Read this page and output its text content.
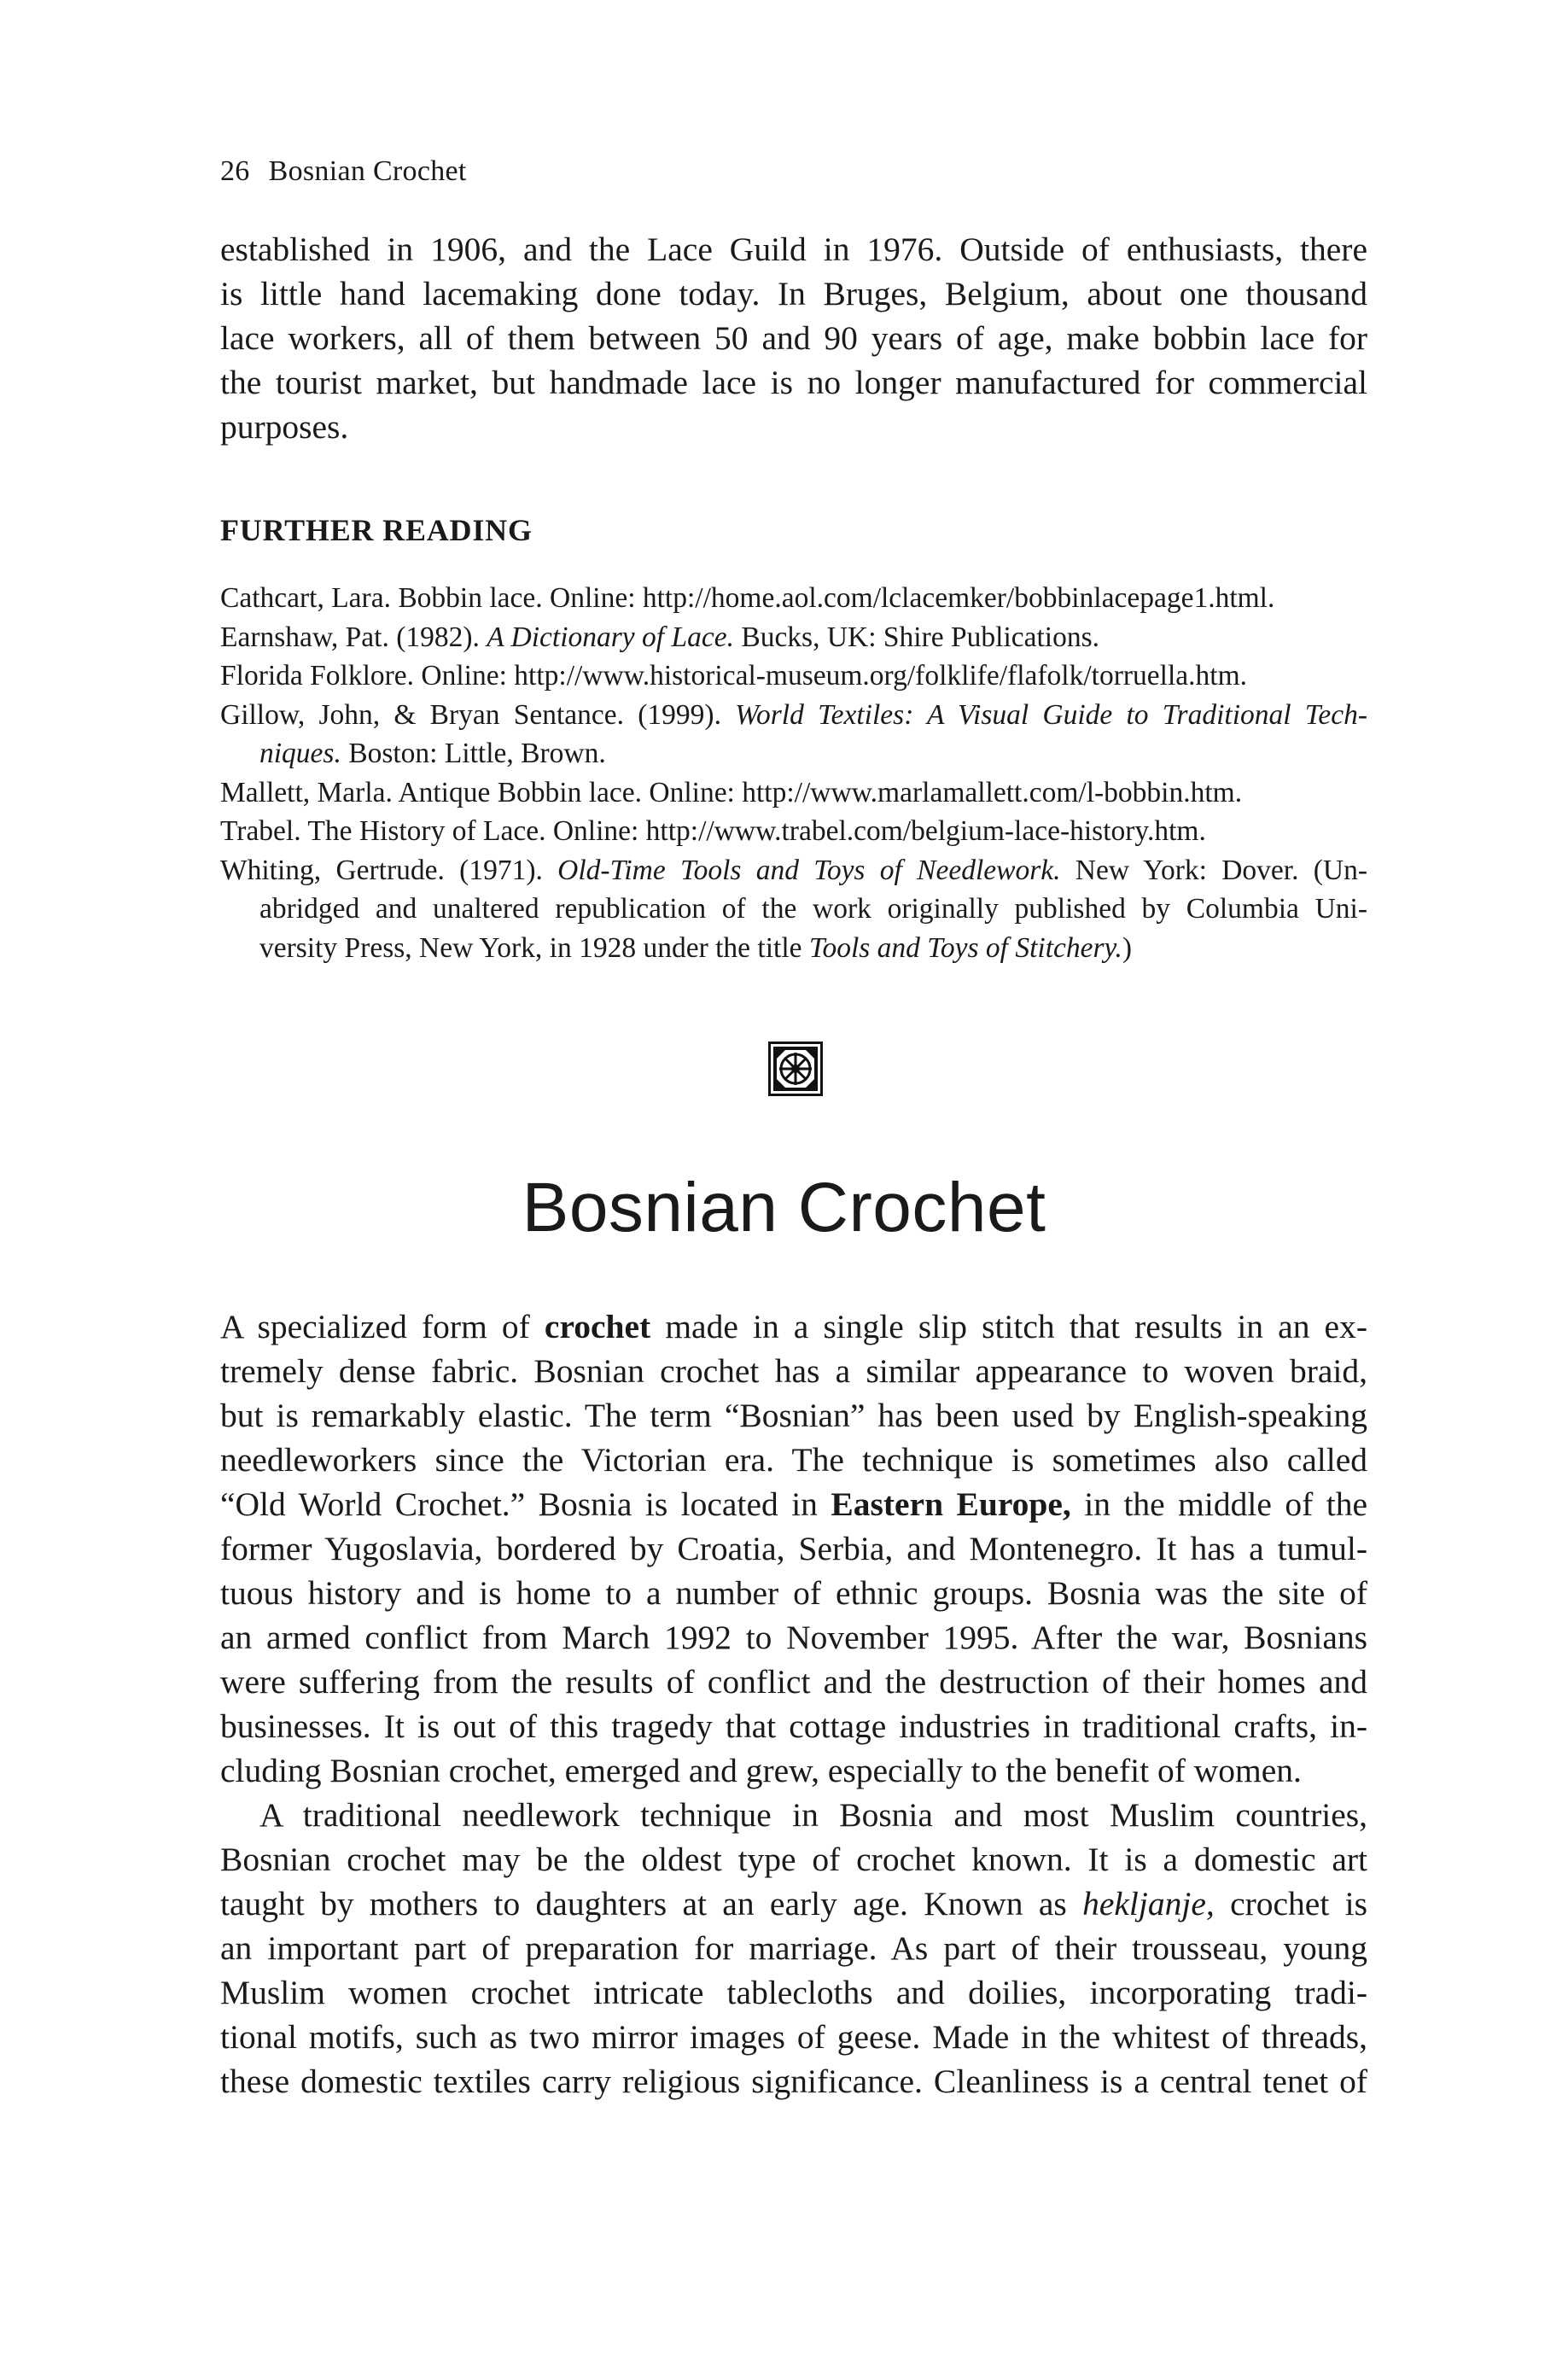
26 Bosnian Crochet
established in 1906, and the Lace Guild in 1976. Outside of enthusiasts, there
is little hand lacemaking done today. In Bruges, Belgium, about one thousand
lace workers, all of them between 50 and 90 years of age, make bobbin lace for
the tourist market, but handmade lace is no longer manufactured for commercial
purposes.
FURTHER READING
Cathcart, Lara. Bobbin lace. Online: http://home.aol.com/lclacemker/bobbinlacepage1.html.
Earnshaw, Pat. (1982). A Dictionary of Lace. Bucks, UK: Shire Publications.
Florida Folklore. Online: http://www.historical-museum.org/folklife/flafolk/torruella.htm.
Gillow, John, & Bryan Sentance. (1999). World Textiles: A Visual Guide to Traditional Tech-
niques. Boston: Little, Brown.
Mallett, Marla. Antique Bobbin lace. Online: http://www.marlamallett.com/l-bobbin.htm.
Trabel. The History of Lace. Online: http://www.trabel.com/belgium-lace-history.htm.
Whiting, Gertrude. (1971). Old-Time Tools and Toys of Needlework. New York: Dover. (Un-
abridged and unaltered republication of the work originally published by Columbia Uni-
versity Press, New York, in 1928 under the title Tools and Toys of Stitchery.)
Bosnian Crochet
A specialized form of crochet made in a single slip stitch that results in an ex-
tremely dense fabric. Bosnian crochet has a similar appearance to woven braid,
but is remarkably elastic. The term “Bosnian” has been used by English-speaking
needleworkers since the Victorian era. The technique is sometimes also called
“Old World Crochet.” Bosnia is located in Eastern Europe, in the middle of the
former Yugoslavia, bordered by Croatia, Serbia, and Montenegro. It has a tumul-
tuous history and is home to a number of ethnic groups. Bosnia was the site of
an armed conflict from March 1992 to November 1995. After the war, Bosnians
were suffering from the results of conflict and the destruction of their homes and
businesses. It is out of this tragedy that cottage industries in traditional crafts, in-
cluding Bosnian crochet, emerged and grew, especially to the benefit of women.
A traditional needlework technique in Bosnia and most Muslim countries,
Bosnian crochet may be the oldest type of crochet known. It is a domestic art
taught by mothers to daughters at an early age. Known as hekljanje, crochet is
an important part of preparation for marriage. As part of their trousseau, young
Muslim women crochet intricate tablecloths and doilies, incorporating tradi-
tional motifs, such as two mirror images of geese. Made in the whitest of threads,
these domestic textiles carry religious significance. Cleanliness is a central tenet of
